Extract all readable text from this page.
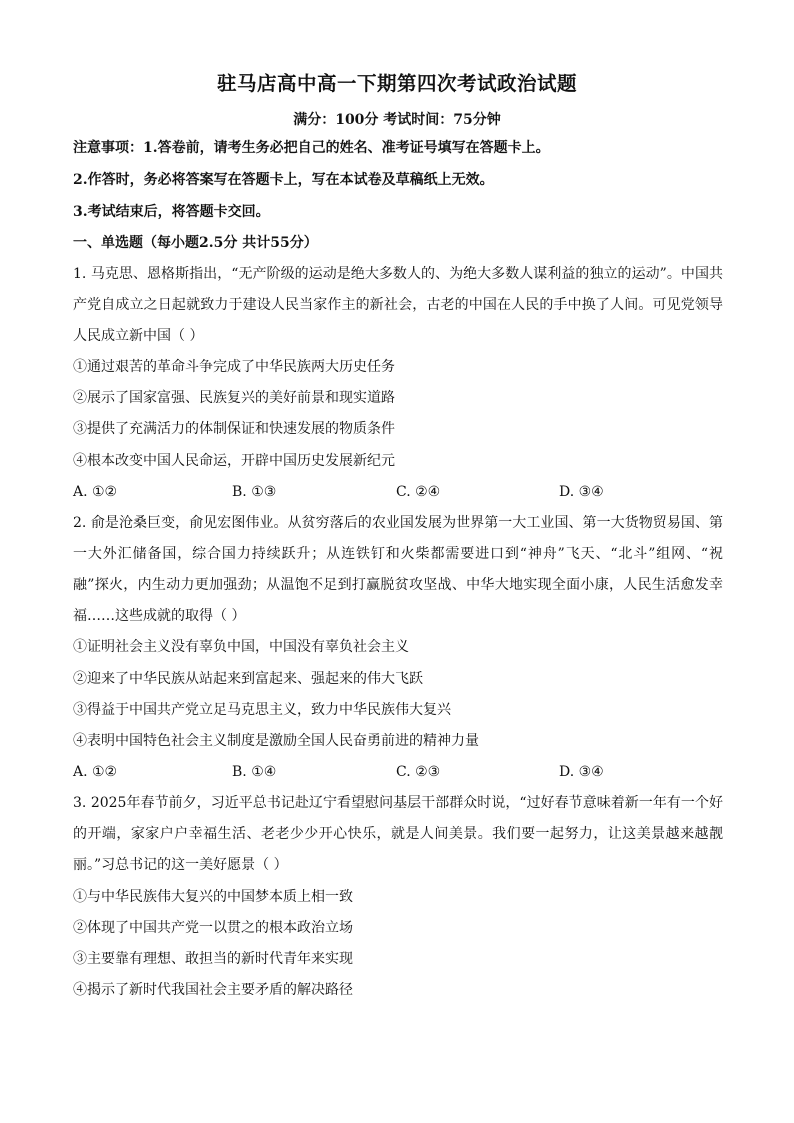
驻马店高中高一下期第四次考试政治试题
满分：100分 考试时间：75分钟
注意事项：1.答卷前，请考生务必把自己的姓名、准考证号填写在答题卡上。
2.作答时，务必将答案写在答题卡上，写在本试卷及草稿纸上无效。
3.考试结束后，将答题卡交回。
一、单选题（每小题2.5分 共计55分）
1. 马克思、恩格斯指出，“无产阶级的运动是绝大多数人的、为绝大多数人谋利益的独立的运动”。中国共
产党自成立之日起就致力于建设人民当家作主的新社会，古老的中国在人民的手中换了人间。可见党领导
人民成立新中国（ ）
①通过艰苦的革命斗争完成了中华民族两大历史任务
②展示了国家富强、民族复兴的美好前景和现实道路
③提供了充满活力的体制保证和快速发展的物质条件
④根本改变中国人民命运，开辟中国历史发展新纪元
A. ①②	B. ①③	C. ②④	D. ③④
2. 俞是沧桑巨变，俞见宏图伟业。从贫穷落后的农业国发展为世界第一大工业国、第一大货物贸易国、第
一大外汇储备国，综合国力持续跃升；从连铁钉和火柴都需要进口到“神舟”飞天、“北斗”组网、“祝
融”探火，内生动力更加强劲；从温饱不足到打赢脱贫攻坚战、中华大地实现全面小康，人民生活愈发幸
福……这些成就的取得（ ）
①证明社会主义没有辜负中国，中国没有辜负社会主义
②迎来了中华民族从站起来到富起来、强起来的伟大飞跃
③得益于中国共产党立足马克思主义，致力中华民族伟大复兴
④表明中国特色社会主义制度是激励全国人民奋勇前进的精神力量
A. ①②	B. ①④	C. ②③	D. ③④
3. 2025年春节前夕，习近平总书记赴辽宁看望慰问基层干部群众时说，“过好春节意味着新一年有一个好
的开端，家家户户幸福生活、老老少少开心快乐，就是人间美景。我们要一起努力，让这美景越来越靓
丽。”习总书记的这一美好愿景（ ）
①与中华民族伟大复兴的中国梦本质上相一致
②体现了中国共产党一以贯之的根本政治立场
③主要靠有理想、敢担当的新时代青年来实现
④揭示了新时代我国社会主要矛盾的解决路径
